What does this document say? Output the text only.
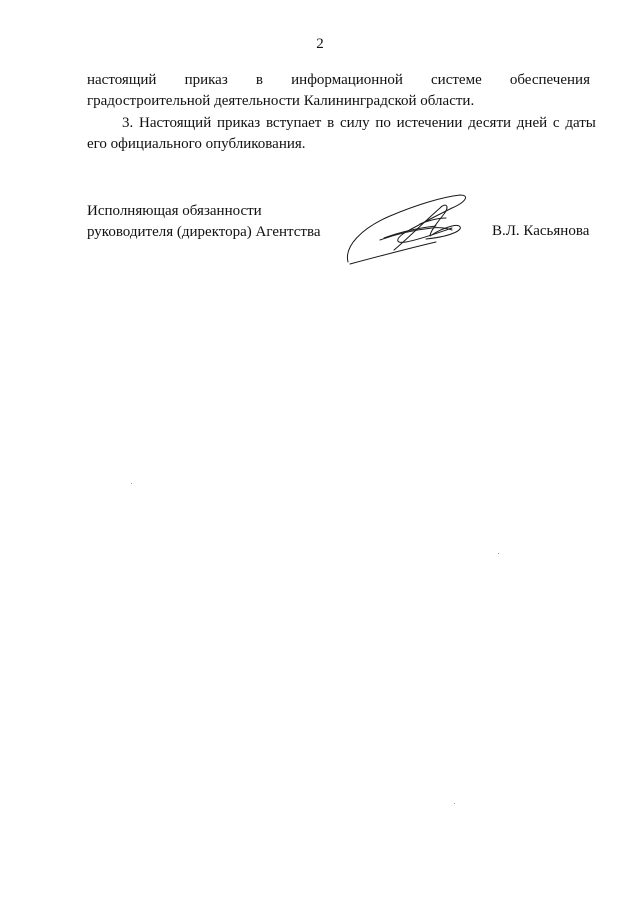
2
настоящий приказ в информационной системе обеспечения
градостроительной деятельности Калининградской области.
3. Настоящий приказ вступает в силу по истечении десяти дней с даты
его официального опубликования.
Исполняющая обязанности
руководителя (директора) Агентства	В.Л. Касьянова
